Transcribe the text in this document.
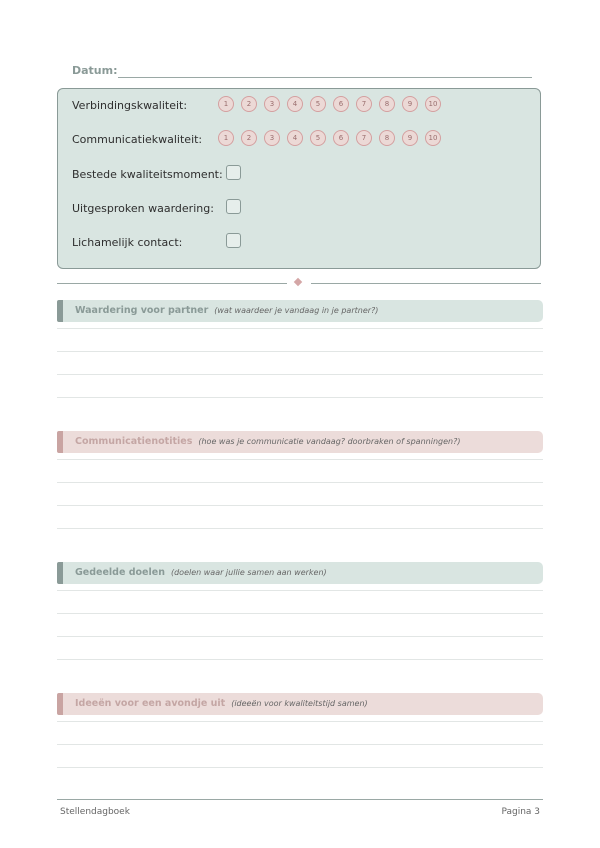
Datum:
Verbindingskwaliteit:	1	2	3	4	5	6	7	8	9	10
Communicatiekwaliteit:	1	2	3	4	5	6	7	8	9	10
Bestede kwaliteitsmoment:
Uitgesproken waardering:
Lichamelijk contact:
Waardering voor partner (wat waardeer je vandaag in je partner?)
Communicatienotities (hoe was je communicatie vandaag? doorbraken of spanningen?)
Gedeelde doelen (doelen waar jullie samen aan werken)
Ideeën voor een avondje uit (ideeën voor kwaliteitstijd samen)
Stellendagboek	Pagina 3
